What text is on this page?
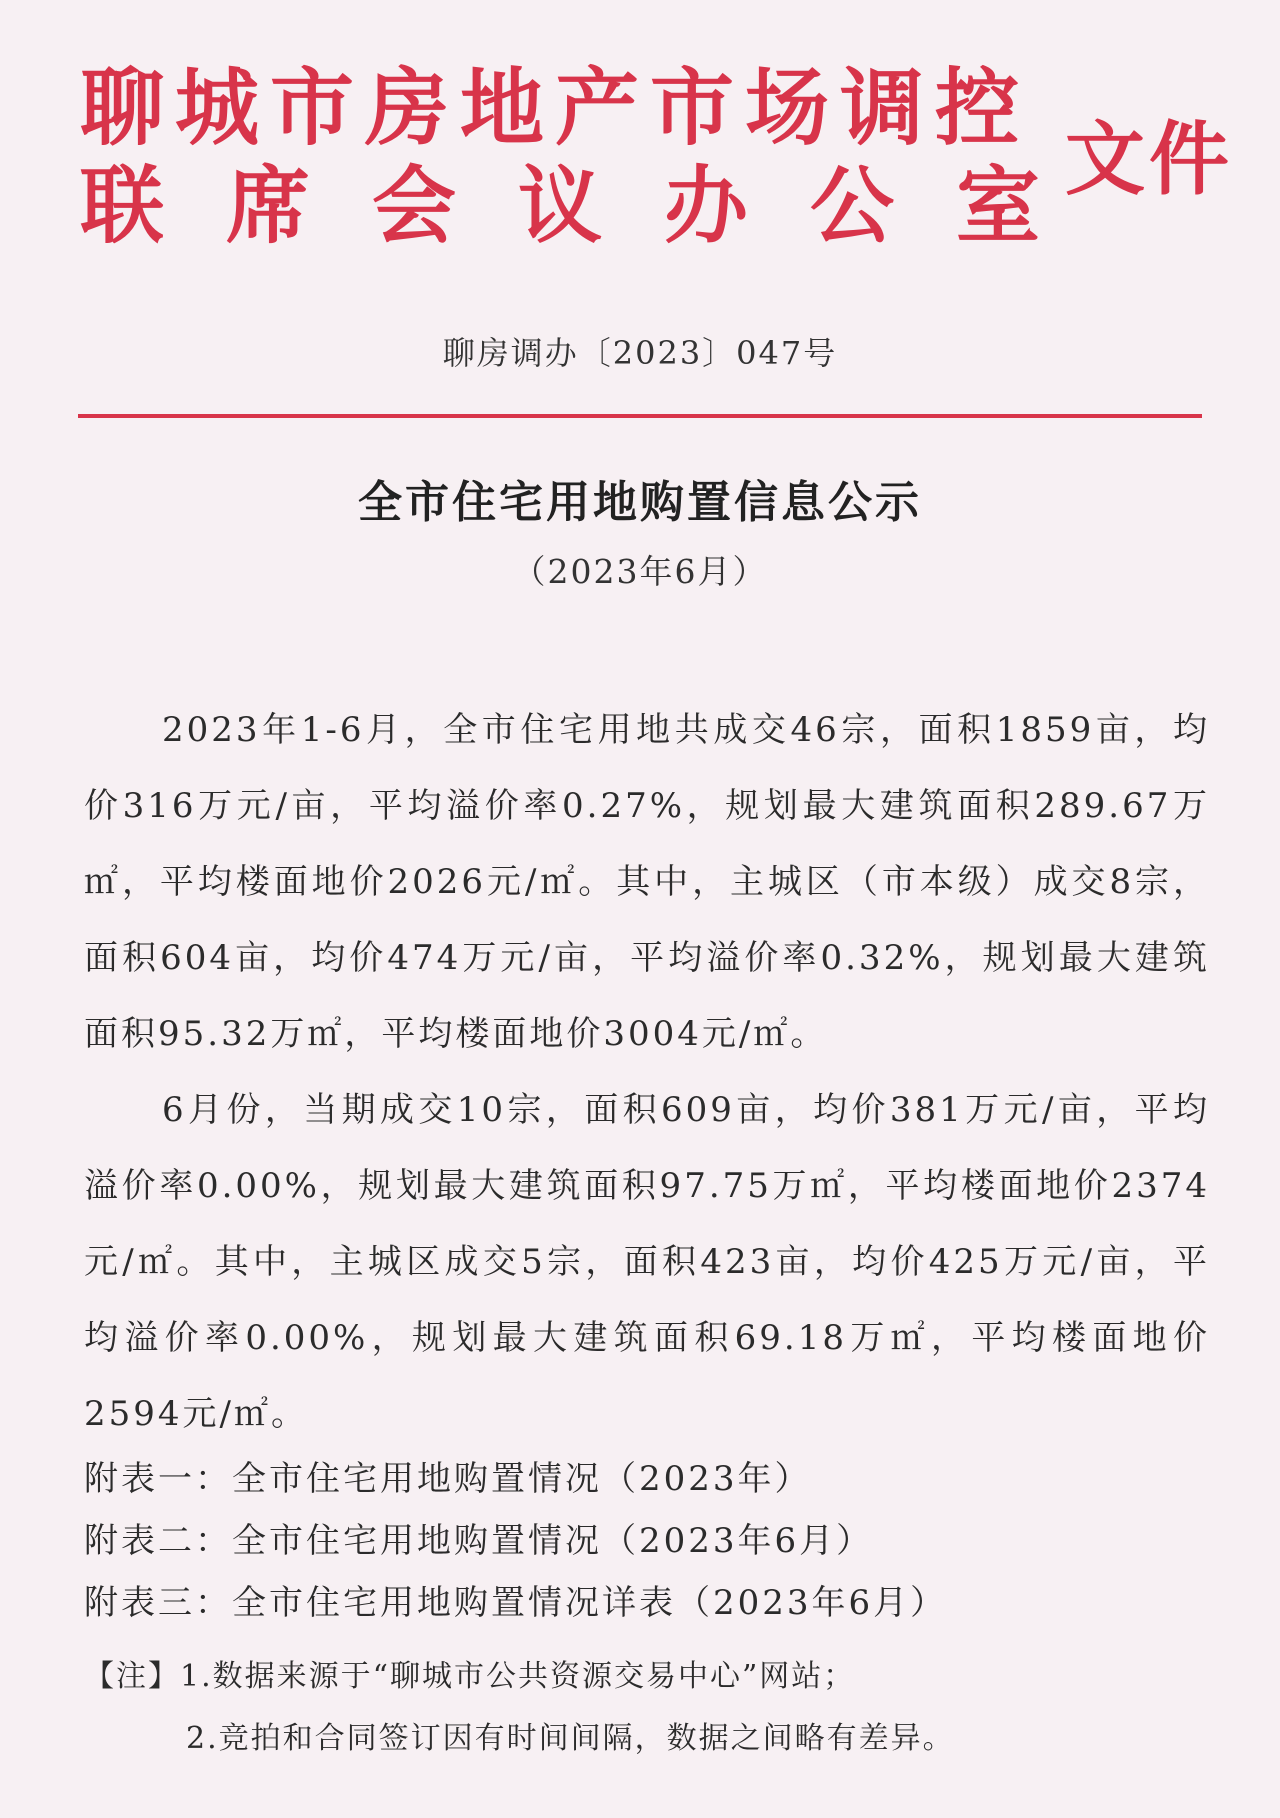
聊城市房地产市场调控
联席会议办公室
文件
聊房调办〔2023〕047号
全市住宅用地购置信息公示
（2023年6月）

2023年1-6月，全市住宅用地共成交46宗，面积1859亩，均价316万元/亩，平均溢价率0.27%，规划最大建筑面积289.67万㎡，平均楼面地价2026元/㎡。其中，主城区（市本级）成交8宗，面积604亩，均价474万元/亩，平均溢价率0.32%，规划最大建筑面积95.32万㎡，平均楼面地价3004元/㎡。

6月份，当期成交10宗，面积609亩，均价381万元/亩，平均溢价率0.00%，规划最大建筑面积97.75万㎡，平均楼面地价2374元/㎡。其中，主城区成交5宗，面积423亩，均价425万元/亩，平均溢价率0.00%，规划最大建筑面积69.18万㎡，平均楼面地价2594元/㎡。

附表一：全市住宅用地购置情况（2023年）
附表二：全市住宅用地购置情况（2023年6月）
附表三：全市住宅用地购置情况详表（2023年6月）
【注】1.数据来源于“聊城市公共资源交易中心”网站；
2.竞拍和合同签订因有时间间隔，数据之间略有差异。
